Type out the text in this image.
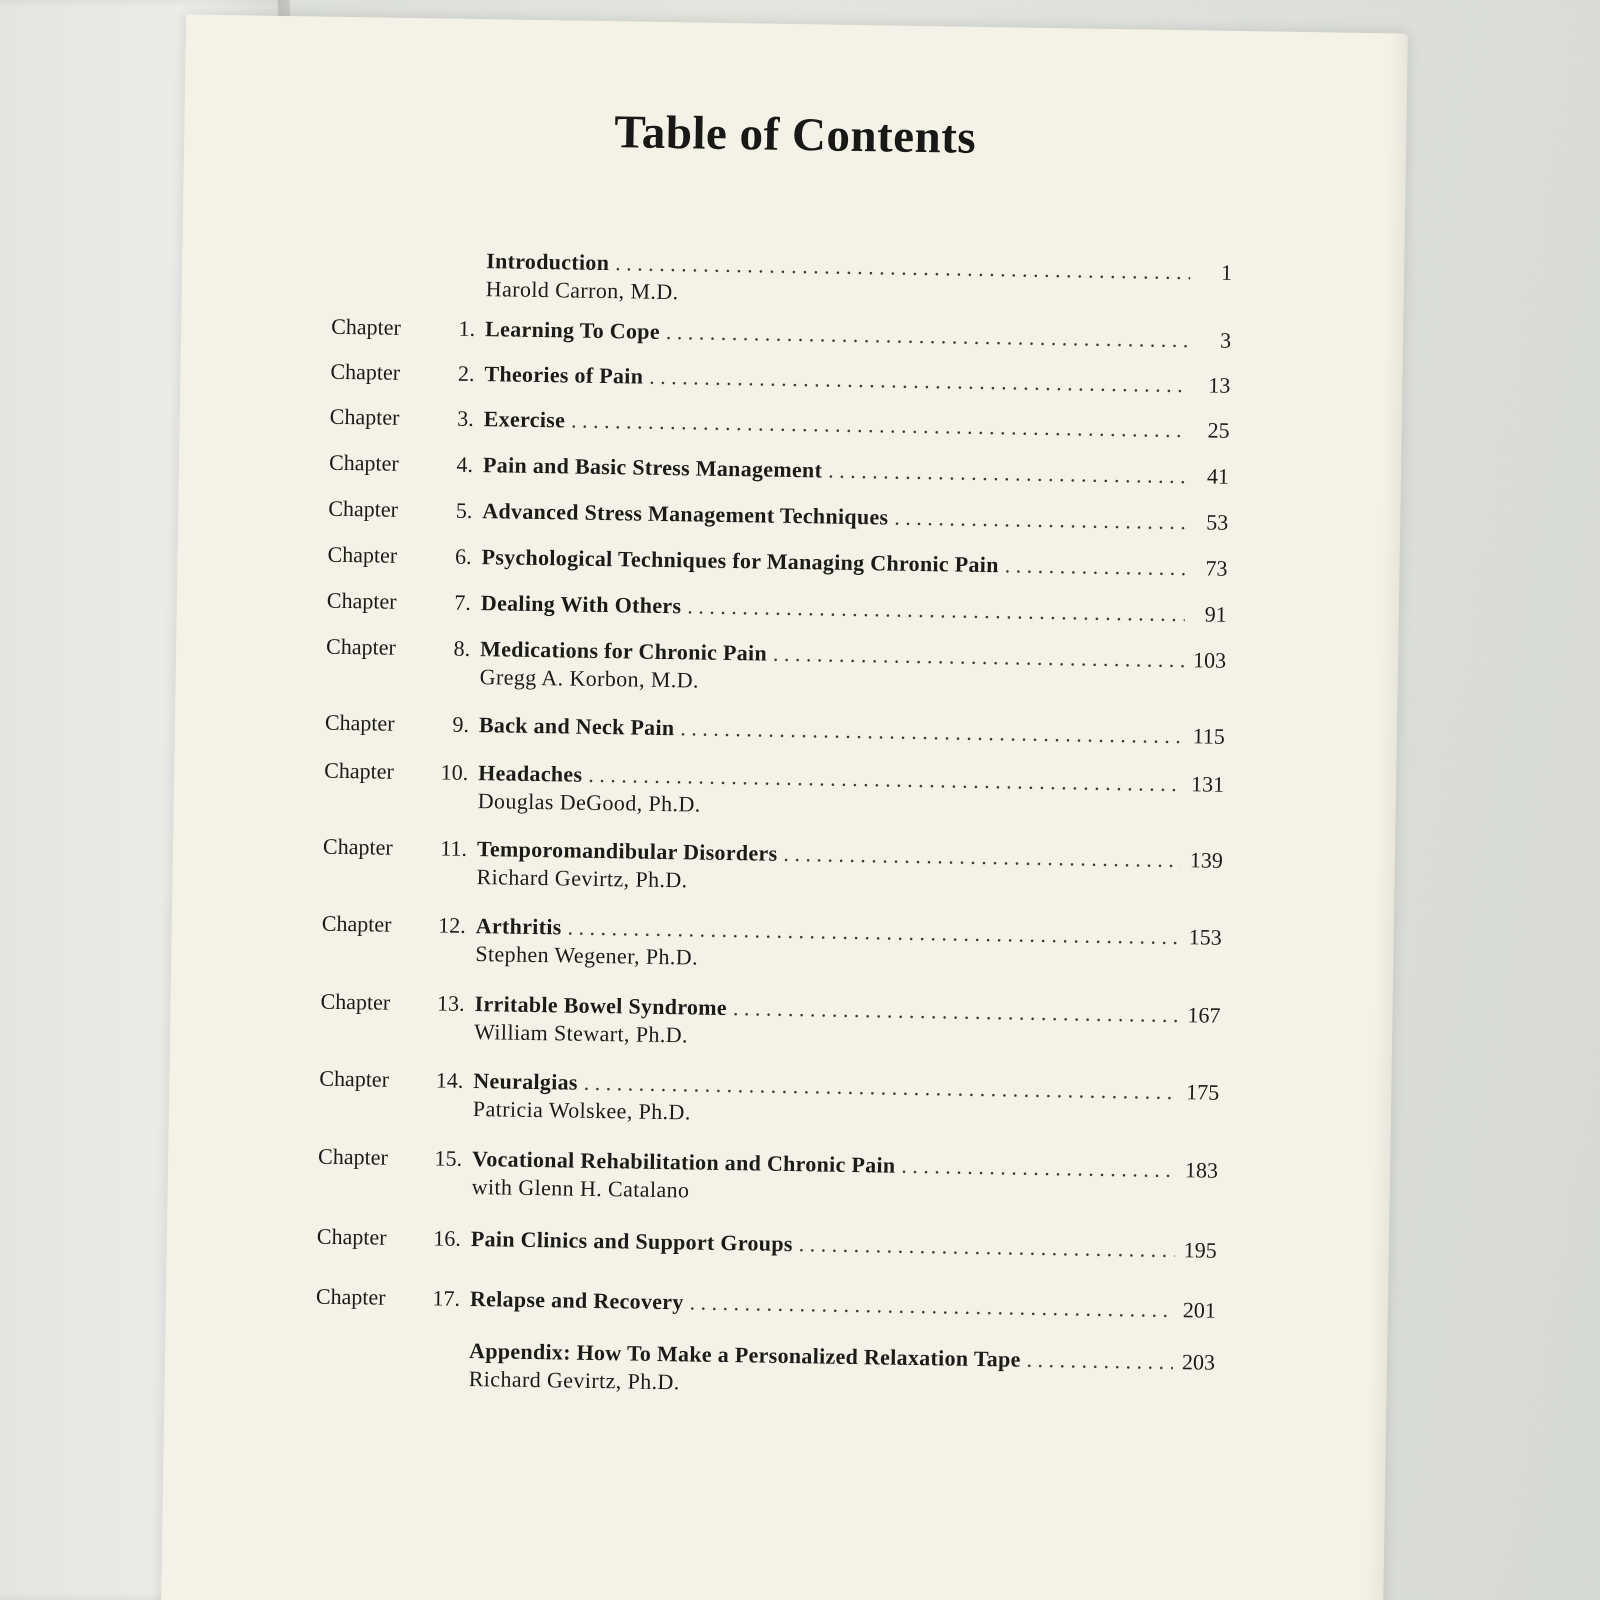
Table of Contents
Introduction . . .	1
Harold Carron, M.D.
Chapter	1. Learning To Cope . . .	3
Chapter	2. Theories of Pain . . .	13
Chapter	3. Exercise . . .	25
Chapter	4. Pain and Basic Stress Management . . .	41
Chapter	5. Advanced Stress Management Techniques . . .	53
Chapter	6. Psychological Techniques for Managing Chronic Pain . . .	73
Chapter	7. Dealing With Others . . .	91
Chapter	8. Medications for Chronic Pain . . .	103
Gregg A. Korbon, M.D.
Chapter	9. Back and Neck Pain . . .	115
Chapter	10. Headaches . . .	131
Douglas DeGood, Ph.D.
Chapter	11. Temporomandibular Disorders . . .	139
Richard Gevirtz, Ph.D.
Chapter	12. Arthritis . . .	153
Stephen Wegener, Ph.D.
Chapter	13. Irritable Bowel Syndrome . . .	167
William Stewart, Ph.D.
Chapter	14. Neuralgias . . .	175
Patricia Wolskee, Ph.D.
Chapter	15. Vocational Rehabilitation and Chronic Pain . . .	183
with Glenn H. Catalano
Chapter	16. Pain Clinics and Support Groups . . .	195
Chapter	17. Relapse and Recovery . . .	201
Appendix: How To Make a Personalized Relaxation Tape . . .	203
Richard Gevirtz, Ph.D.
